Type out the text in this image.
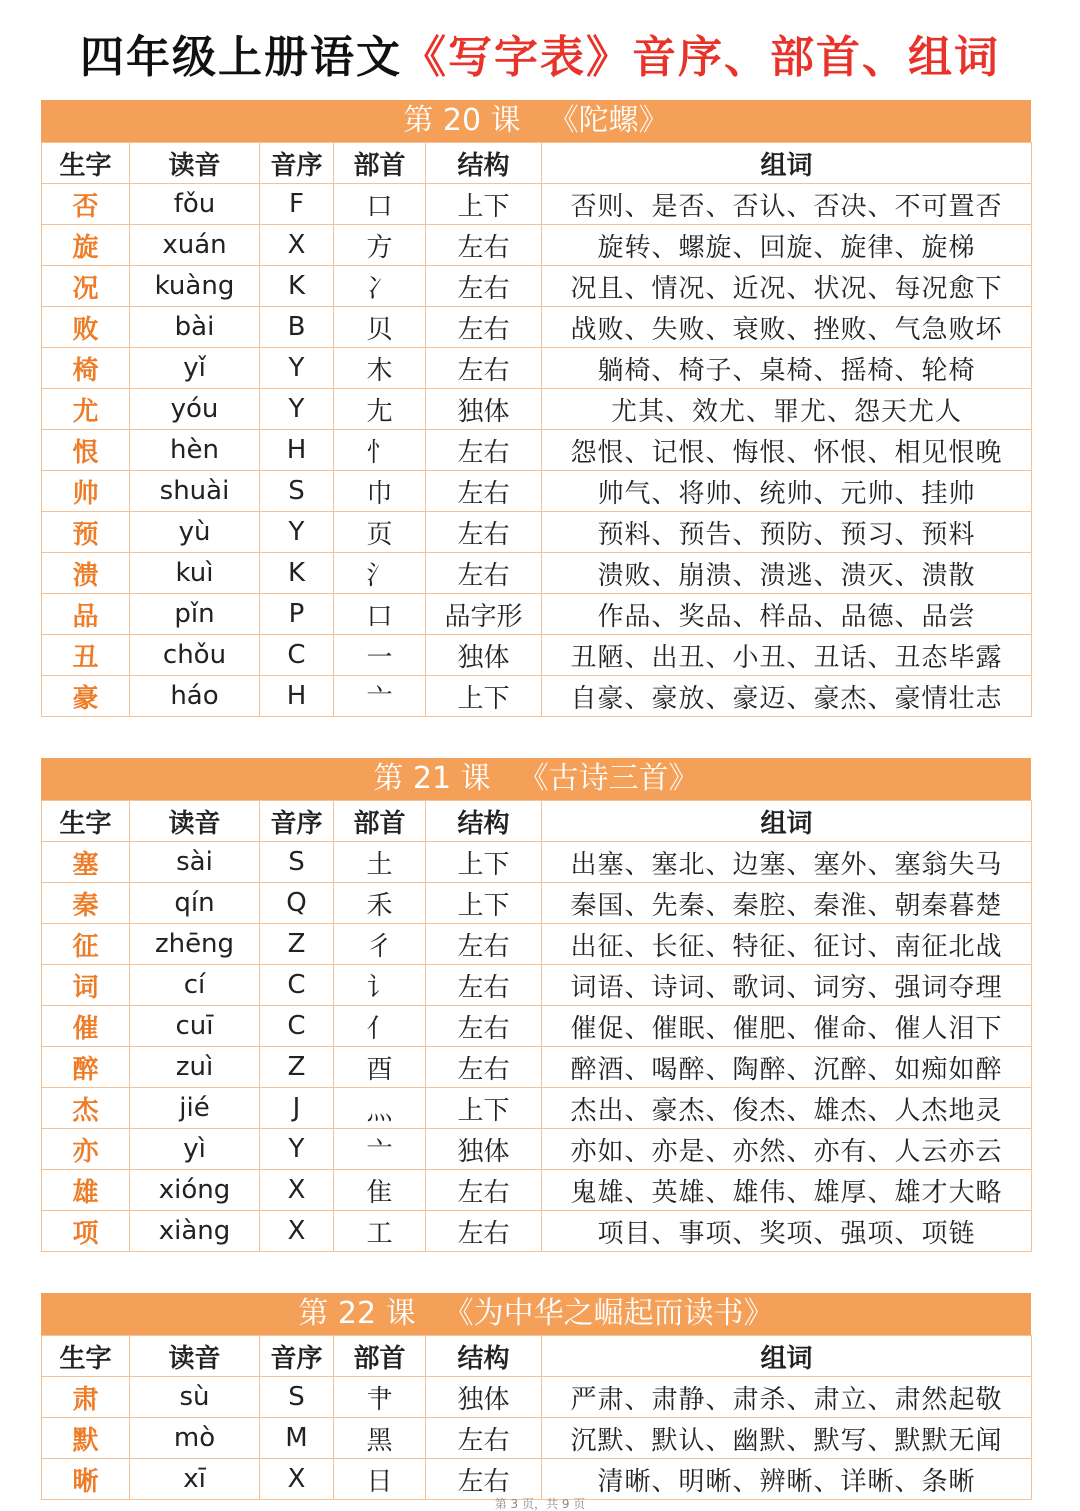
四年级上册语文《写字表》音序、部首、组词
第 20 课 《陀螺》
生字	读音	音序	部首	结构	组词
否	fǒu	F	口	上下	否则、是否、否认、否决、不可置否
旋	xuán	X	方	左右	旋转、螺旋、回旋、旋律、旋梯
况	kuàng	K	冫	左右	况且、情况、近况、状况、每况愈下
败	bài	B	贝	左右	战败、失败、衰败、挫败、气急败坏
椅	yǐ	Y	木	左右	躺椅、椅子、桌椅、摇椅、轮椅
尤	yóu	Y	尢	独体	尤其、效尤、罪尤、怨天尤人
恨	hèn	H	忄	左右	怨恨、记恨、悔恨、怀恨、相见恨晚
帅	shuài	S	巾	左右	帅气、将帅、统帅、元帅、挂帅
预	yù	Y	页	左右	预料、预告、预防、预习、预料
溃	kuì	K	氵	左右	溃败、崩溃、溃逃、溃灭、溃散
品	pǐn	P	口	品字形	作品、奖品、样品、品德、品尝
丑	chǒu	C	一	独体	丑陋、出丑、小丑、丑话、丑态毕露
豪	háo	H	亠	上下	自豪、豪放、豪迈、豪杰、豪情壮志
第 21 课 《古诗三首》
生字	读音	音序	部首	结构	组词
塞	sài	S	土	上下	出塞、塞北、边塞、塞外、塞翁失马
秦	qín	Q	禾	上下	秦国、先秦、秦腔、秦淮、朝秦暮楚
征	zhēng	Z	彳	左右	出征、长征、特征、征讨、南征北战
词	cí	C	讠	左右	词语、诗词、歌词、词穷、强词夺理
催	cuī	C	亻	左右	催促、催眠、催肥、催命、催人泪下
醉	zuì	Z	酉	左右	醉酒、喝醉、陶醉、沉醉、如痴如醉
杰	jié	J	灬	上下	杰出、豪杰、俊杰、雄杰、人杰地灵
亦	yì	Y	亠	独体	亦如、亦是、亦然、亦有、人云亦云
雄	xióng	X	隹	左右	鬼雄、英雄、雄伟、雄厚、雄才大略
项	xiàng	X	工	左右	项目、事项、奖项、强项、项链
第 22 课 《为中华之崛起而读书》
生字	读音	音序	部首	结构	组词
肃	sù	S	肀	独体	严肃、肃静、肃杀、肃立、肃然起敬
默	mò	M	黑	左右	沉默、默认、幽默、默写、默默无闻
晰	xī	X	日	左右	清晰、明晰、辨晰、详晰、条晰
第 3 页，共 9 页
